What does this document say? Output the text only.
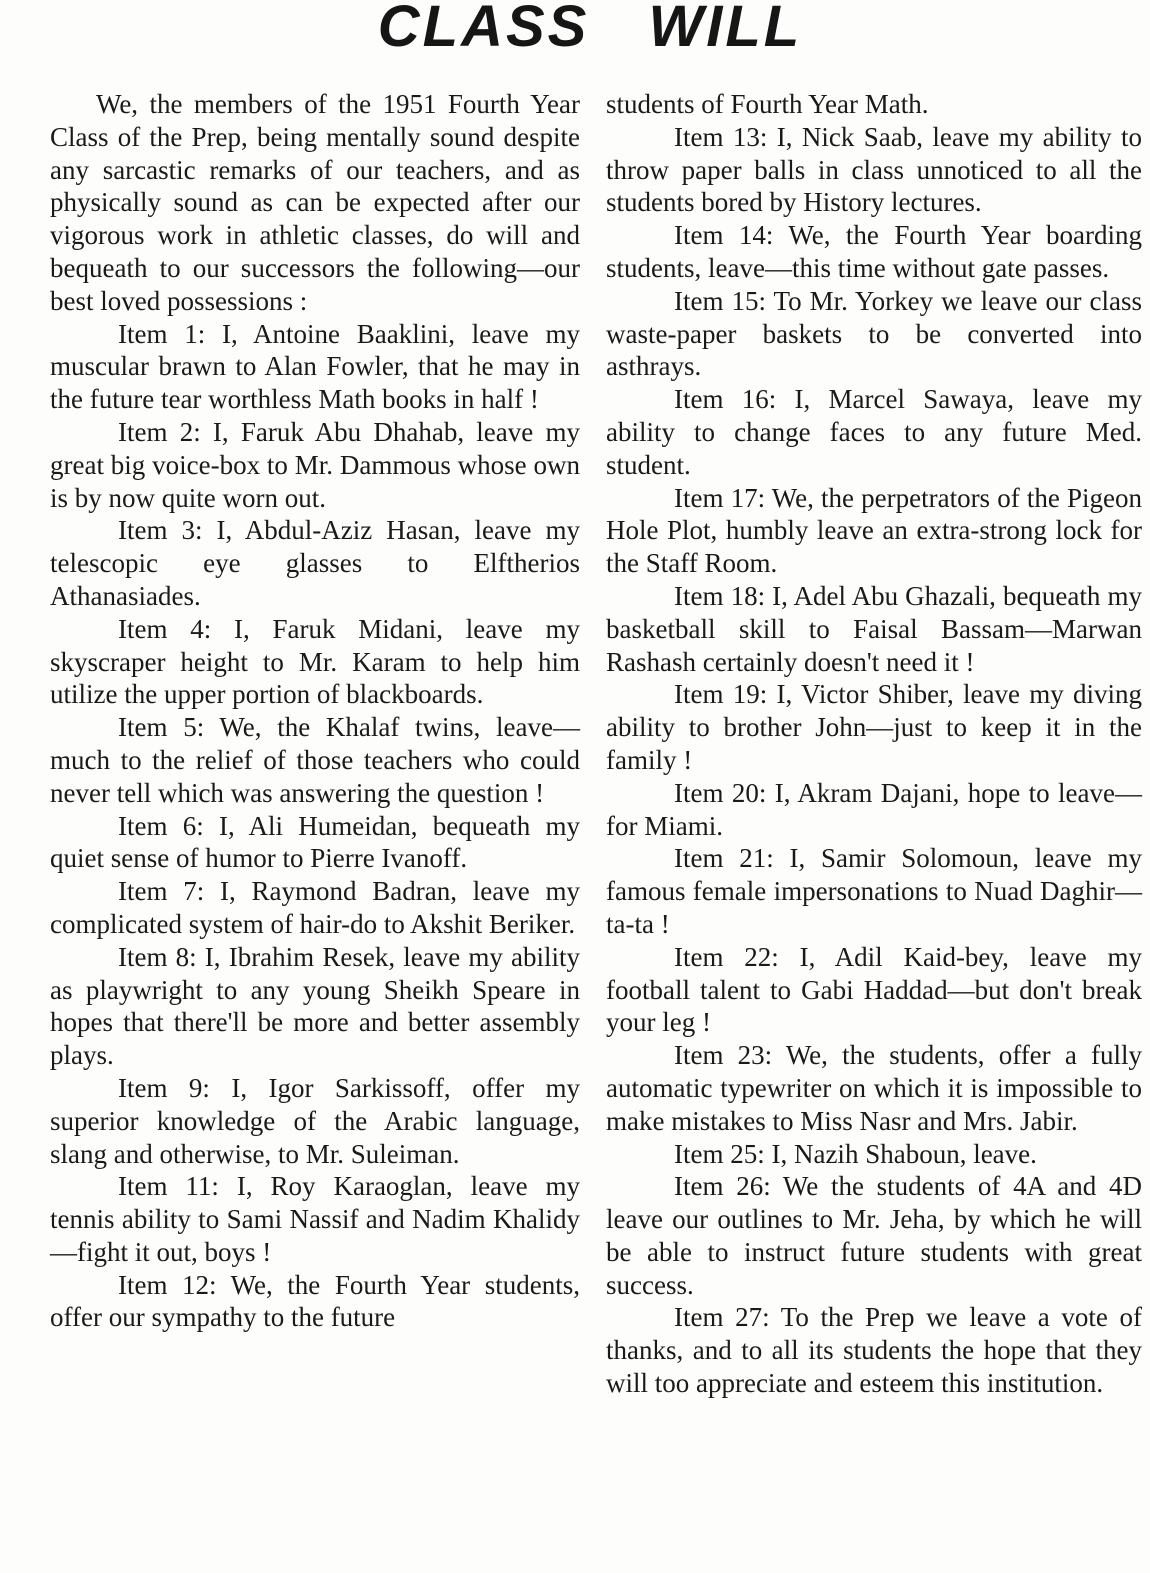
CLASS WILL

We, the members of the 1951 Fourth Year Class of the Prep, being mentally sound despite any sarcastic remarks of our teachers, and as physically sound as can be expected after our vigorous work in athletic classes, do will and bequeath to our successors the following—our best loved possessions :

Item 1: I, Antoine Baaklini, leave my muscular brawn to Alan Fowler, that he may in the future tear worthless Math books in half !

Item 2: I, Faruk Abu Dhahab, leave my great big voice-box to Mr. Dammous whose own is by now quite worn out.

Item 3: I, Abdul-Aziz Hasan, leave my telescopic eye glasses to Elftherios Athanasiades.

Item 4: I, Faruk Midani, leave my skyscraper height to Mr. Karam to help him utilize the upper portion of blackboards.

Item 5: We, the Khalaf twins, leave—much to the relief of those teachers who could never tell which was answering the question !

Item 6: I, Ali Humeidan, bequeath my quiet sense of humor to Pierre Ivanoff.

Item 7: I, Raymond Badran, leave my complicated system of hair-do to Akshit Beriker.

Item 8: I, Ibrahim Resek, leave my ability as playwright to any young Sheikh Speare in hopes that there'll be more and better assembly plays.

Item 9: I, Igor Sarkissoff, offer my superior knowledge of the Arabic language, slang and otherwise, to Mr. Suleiman.

Item 11: I, Roy Karaoglan, leave my tennis ability to Sami Nassif and Nadim Khalidy—fight it out, boys !

Item 12: We, the Fourth Year students, offer our sympathy to the future

students of Fourth Year Math.

Item 13: I, Nick Saab, leave my ability to throw paper balls in class unnoticed to all the students bored by History lectures.

Item 14: We, the Fourth Year boarding students, leave—this time without gate passes.

Item 15: To Mr. Yorkey we leave our class waste-paper baskets to be converted into asthrays.

Item 16: I, Marcel Sawaya, leave my ability to change faces to any future Med. student.

Item 17: We, the perpetrators of the Pigeon Hole Plot, humbly leave an extra-strong lock for the Staff Room.

Item 18: I, Adel Abu Ghazali, bequeath my basketball skill to Faisal Bassam—Marwan Rashash certainly doesn't need it !

Item 19: I, Victor Shiber, leave my diving ability to brother John—just to keep it in the family !

Item 20: I, Akram Dajani, hope to leave—for Miami.

Item 21: I, Samir Solomoun, leave my famous female impersonations to Nuad Daghir—ta-ta !

Item 22: I, Adil Kaid-bey, leave my football talent to Gabi Haddad—but don't break your leg !

Item 23: We, the students, offer a fully automatic typewriter on which it is impossible to make mistakes to Miss Nasr and Mrs. Jabir.

Item 25: I, Nazih Shaboun, leave.

Item 26: We the students of 4A and 4D leave our outlines to Mr. Jeha, by which he will be able to instruct future students with great success.

Item 27: To the Prep we leave a vote of thanks, and to all its students the hope that they will too appreciate and esteem this institution.
